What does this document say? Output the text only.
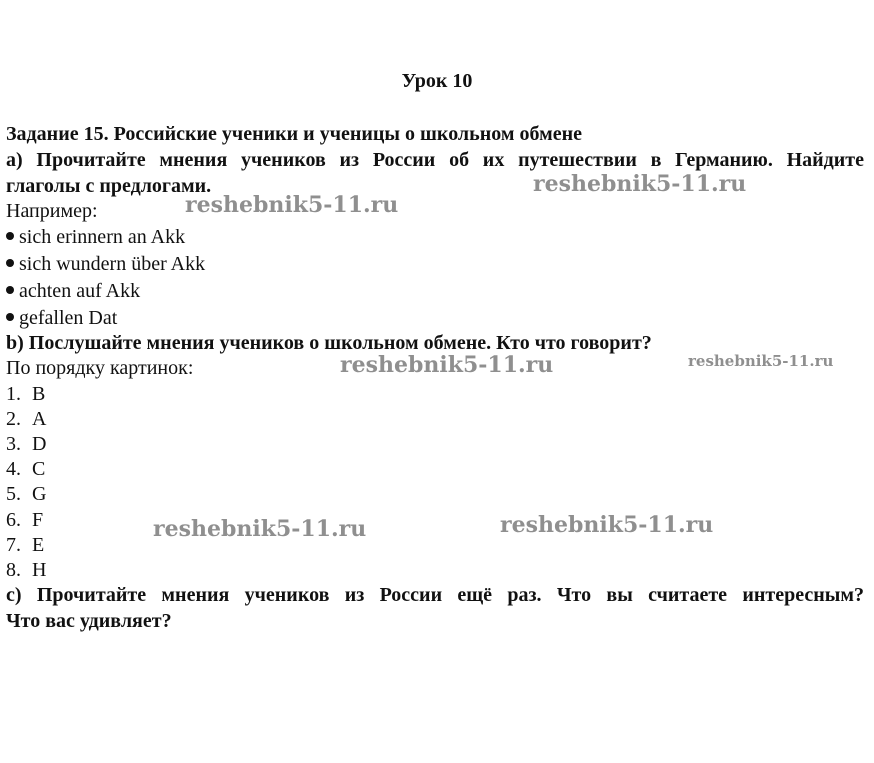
Урок 10
Задание 15. Российские ученики и ученицы о школьном обмене
а) Прочитайте мнения учеников из России об их путешествии в Германию. Найдите
глаголы с предлогами.
Например:
sich erinnern an Akk
sich wundern über Akk
achten auf Akk
gefallen Dat
b) Послушайте мнения учеников о школьном обмене. Кто что говорит?
По порядку картинок:
1. B
2. A
3. D
4. C
5. G
6. F
7. E
8. H
с) Прочитайте мнения учеников из России ещё раз. Что вы считаете интересным?
Что вас удивляет?
reshebnik5-11.ru
reshebnik5-11.ru
reshebnik5-11.ru	reshebnik5-11.ru
reshebnik5-11.ru	reshebnik5-11.ru
